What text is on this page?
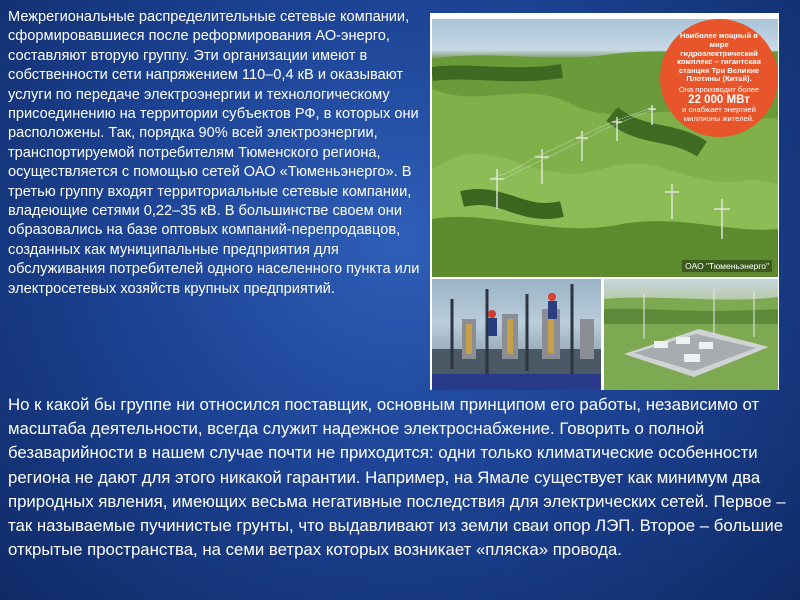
Межрегиональные распределительные сетевые компании, сформировавшиеся после реформирования АО-энерго, составляют вторую группу. Эти организации имеют в собственности сети напряжением 110–0,4 кВ и оказывают услуги по передаче электроэнергии и технологическому присоединению на территории субъектов РФ, в которых они расположены. Так, порядка 90% всей электроэнергии, транспортируемой потребителям Тюменского региона, осуществляется с помощью сетей ОАО «Тюменьэнерго». В третью группу входят территориальные сетевые компании, владеющие сетями 0,22–35 кВ. В большинстве своем они образовались на базе оптовых компаний-перепродавцов, созданных как муниципальные предприятия для обслуживания потребителей одного населенного пункта или электросетевых хозяйств крупных предприятий.

Наиболее мощный в мире гидроэлектрический комплекс – гигантская станция Три Великие Плотины (Китай).
Она производит более
22 000 МВт
и снабжает энергией миллионы жителей.
ОАО "Тюменьэнерго"

Но к какой бы группе ни относился поставщик, основным принципом его работы, независимо от масштаба деятельности, всегда служит надежное электроснабжение. Говорить о полной безаварийности в нашем случае почти не приходится: одни только климатические особенности региона не дают для этого никакой гарантии. Например, на Ямале существует как минимум два природных явления, имеющих весьма негативные последствия для электрических сетей. Первое – так называемые пучинистые грунты, что выдавливают из земли сваи опор ЛЭП. Второе – большие открытые пространства, на семи ветрах которых возникает «пляска» провода.
